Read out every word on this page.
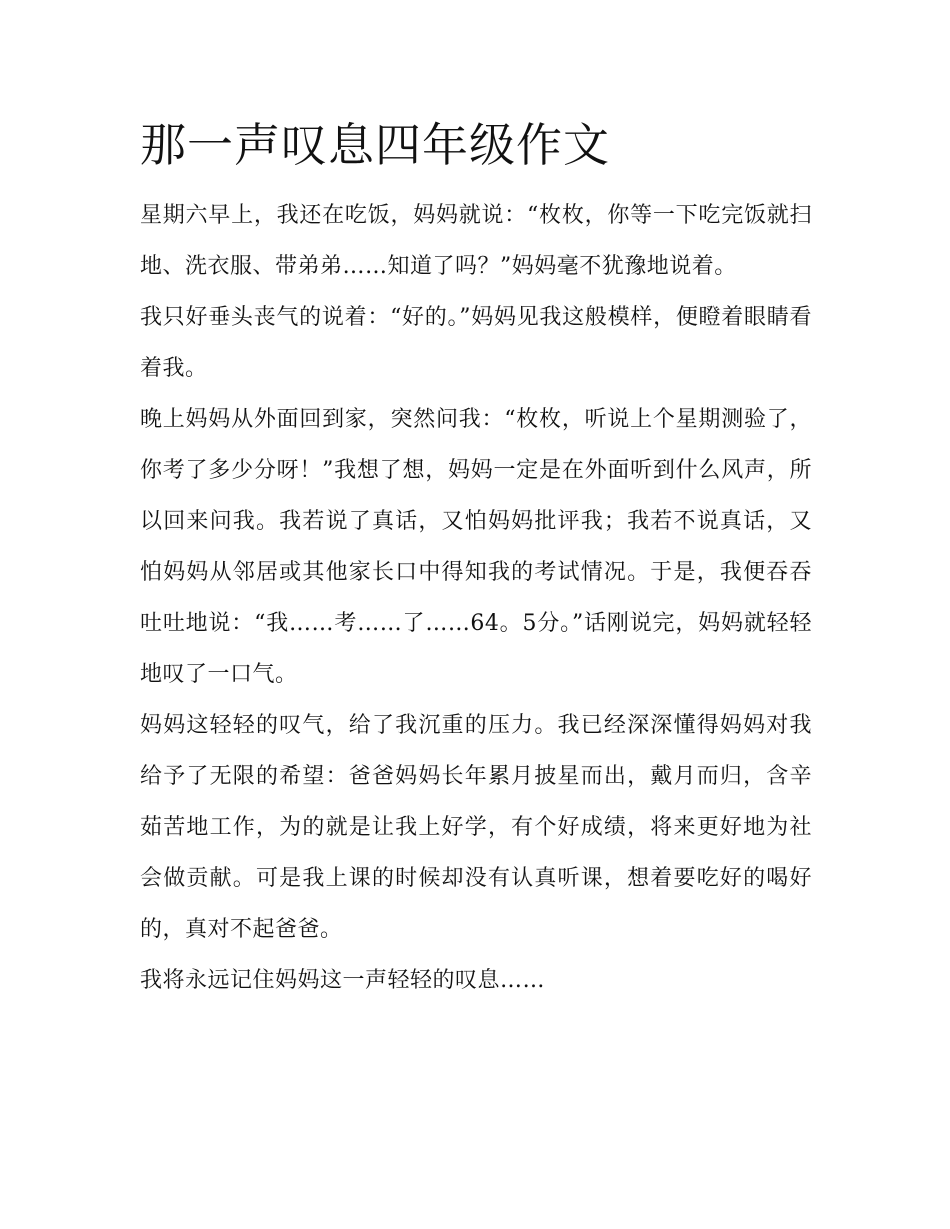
那一声叹息四年级作文

星期六早上，我还在吃饭，妈妈就说：“枚枚，你等一下吃完饭就扫地、洗衣服、带弟弟……知道了吗？”妈妈毫不犹豫地说着。

我只好垂头丧气的说着：“好的。”妈妈见我这般模样，便瞪着眼睛看着我。

晚上妈妈从外面回到家，突然问我：“枚枚，听说上个星期测验了，你考了多少分呀！”我想了想，妈妈一定是在外面听到什么风声，所以回来问我。我若说了真话，又怕妈妈批评我；我若不说真话，又怕妈妈从邻居或其他家长口中得知我的考试情况。于是，我便吞吞吐吐地说：“我……考……了……64。5分。”话刚说完，妈妈就轻轻地叹了一口气。

妈妈这轻轻的叹气，给了我沉重的压力。我已经深深懂得妈妈对我给予了无限的希望：爸爸妈妈长年累月披星而出，戴月而归，含辛茹苦地工作，为的就是让我上好学，有个好成绩，将来更好地为社会做贡献。可是我上课的时候却没有认真听课，想着要吃好的喝好的，真对不起爸爸。

我将永远记住妈妈这一声轻轻的叹息……
